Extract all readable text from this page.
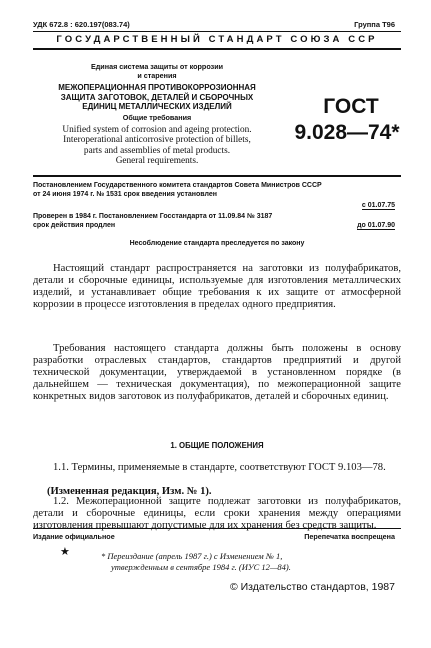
УДК 672.8 : 620.197(083.74)	Группа Т96
ГОСУДАРСТВЕННЫЙ СТАНДАРТ СОЮЗА ССР
Единая система защиты от коррозии
и старения
МЕЖОПЕРАЦИОННАЯ ПРОТИВОКОРРОЗИОННАЯ
ЗАЩИТА ЗАГОТОВОК, ДЕТАЛЕЙ И СБОРОЧНЫХ
ЕДИНИЦ МЕТАЛЛИЧЕСКИХ ИЗДЕЛИЙ
Общие требования
Unified system of corrosion and ageing protection.
Interoperational anticorrosive protection of billets,
parts and assemblies of metal products.
General requirements.
ГОСТ
9.028—74*
Постановлением Государственного комитета стандартов Совета Министров СССР
от 24 июня 1974 г. № 1531 срок введения установлен
с 01.07.75
Проверен в 1984 г. Постановлением Госстандарта от 11.09.84 № 3187
срок действия продлен	до 01.07.90
Несоблюдение стандарта преследуется по закону
Настоящий стандарт распространяется на заготовки из полуфабрикатов, детали и сборочные единицы, используемые для изготовления металлических изделий, и устанавливает общие требования к их защите от атмосферной коррозии в процессе изготовления в пределах одного предприятия.
Требования настоящего стандарта должны быть положены в основу разработки отраслевых стандартов, стандартов предприятий и другой технической документации, утверждаемой в установленном порядке (в дальнейшем — техническая документация), по межоперационной защите конкретных видов заготовок из полуфабрикатов, деталей и сборочных единиц.
1. ОБЩИЕ ПОЛОЖЕНИЯ
1.1. Термины, применяемые в стандарте, соответствуют ГОСТ 9.103—78.
(Измененная редакция, Изм. № 1).
1.2. Межоперационной защите подлежат заготовки из полуфабрикатов, детали и сборочные единицы, если сроки хранения между операциями изготовления превышают допустимые для их хранения без средств защиты.
Издание официальное	Перепечатка воспрещена
★	* Переиздание (апрель 1987 г.) с Изменением № 1,
утвержденным в сентябре 1984 г. (ИУС 12—84).
© Издательство стандартов, 1987
